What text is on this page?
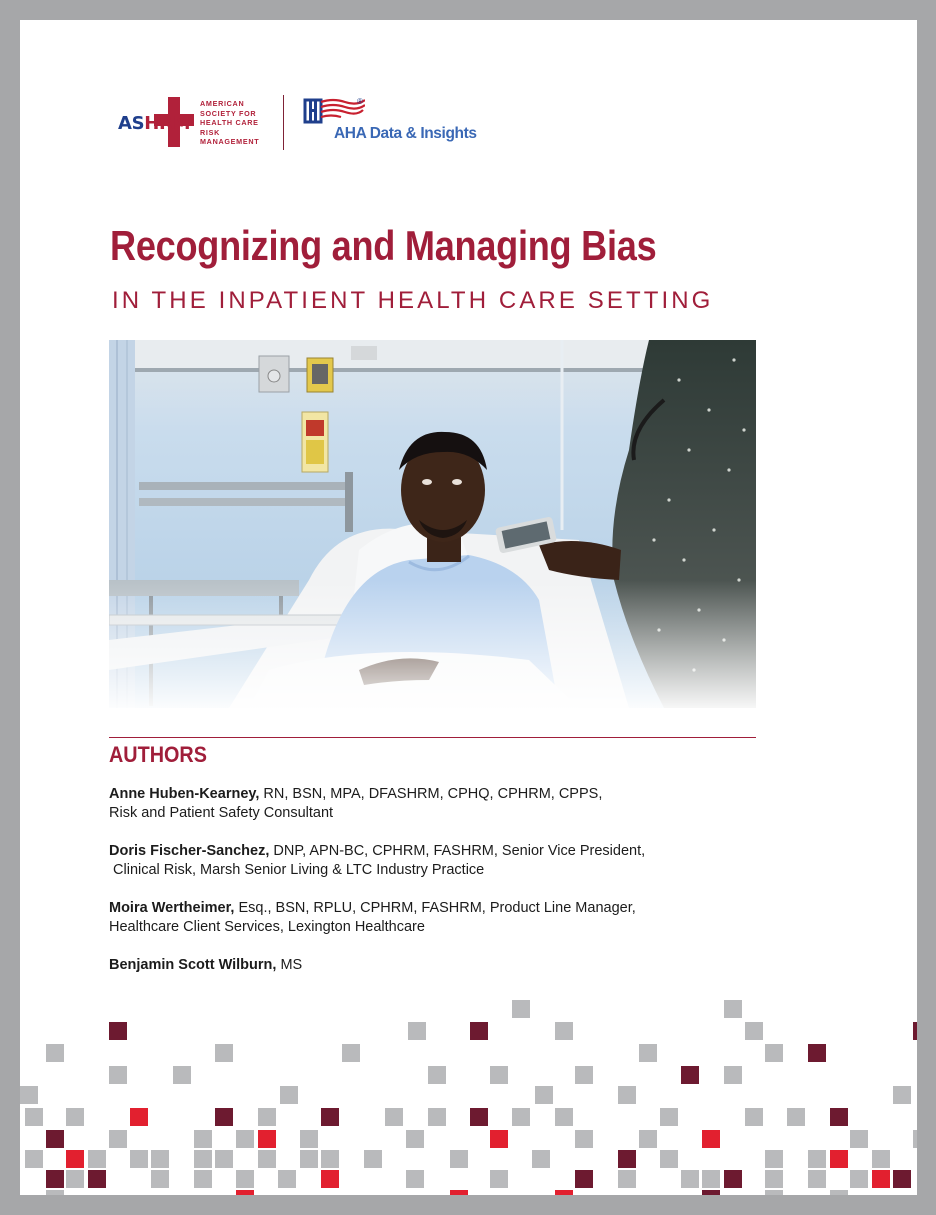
ASHRM
AMERICAN
SOCIETY FOR
HEALTH CARE
RISK
MANAGEMENT
®
AHA Data & Insights
Recognizing and Managing Bias
IN THE INPATIENT HEALTH CARE SETTING
AUTHORS
Anne Huben-Kearney, RN, BSN, MPA, DFASHRM, CPHQ, CPHRM, CPPS,
Risk and Patient Safety Consultant
Doris Fischer-Sanchez, DNP, APN-BC, CPHRM, FASHRM, Senior Vice President,
Clinical Risk, Marsh Senior Living & LTC Industry Practice
Moira Wertheimer, Esq., BSN, RPLU, CPHRM, FASHRM, Product Line Manager,
Healthcare Client Services, Lexington Healthcare
Benjamin Scott Wilburn, MS
